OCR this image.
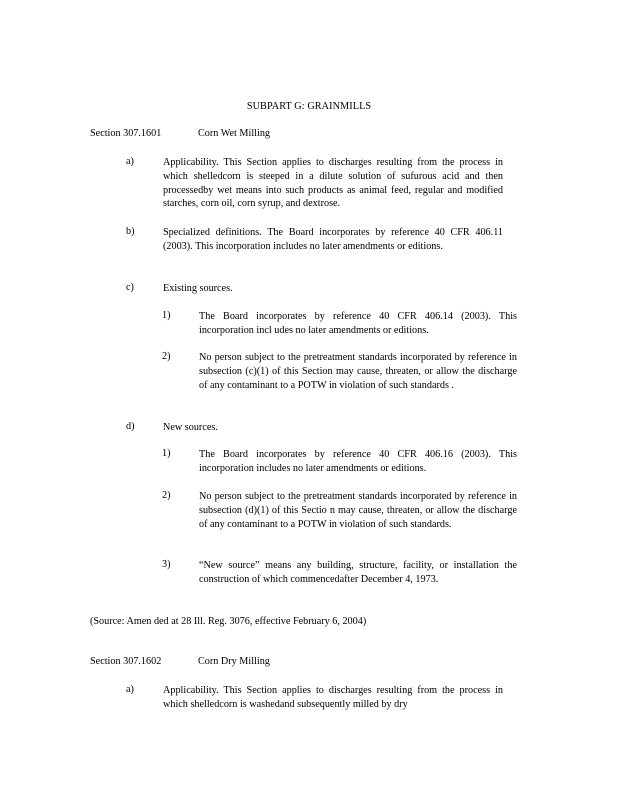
SUBPART G: GRAINMILLS
Section 307.1601	Corn Wet Milling
a)	Applicability. This Section applies to discharges resulting from the process in which shelledcorn is steeped in a dilute solution of sufurous acid and then processedby wet means into such products as animal feed, regular and modified starches, corn oil, corn syrup, and dextrose.
b)	Specialized definitions. The Board incorporates by reference 40 CFR 406.11 (2003). This incorporation includes no later amendments or editions.
c)	Existing sources.
1)	The Board incorporates by reference 40 CFR 406.14 (2003). This incorporation incl udes no later amendments or editions.
2)	No person subject to the pretreatment standards incorporated by reference in subsection (c)(1) of this Section may cause, threaten, or allow the discharge of any contaminant to a POTW in violation of such standards .
d)	New sources.
1)	The Board incorporates by reference 40 CFR 406.16 (2003). This incorporation includes no later amendments or editions.
2)	No person subject to the pretreatment standards incorporated by reference in subsection (d)(1) of this Sectio n may cause, threaten, or allow the discharge of any contaminant to a POTW in violation of such standards.
3)	“New source” means any building, structure, facility, or installation the construction of which commencedafter December 4, 1973.
(Source: Amen ded at 28 Ill. Reg. 3076, effective February 6, 2004)
Section 307.1602	Corn Dry Milling
a)	Applicability. This Section applies to discharges resulting from the process in which shelledcorn is washedand subsequently milled by dry
